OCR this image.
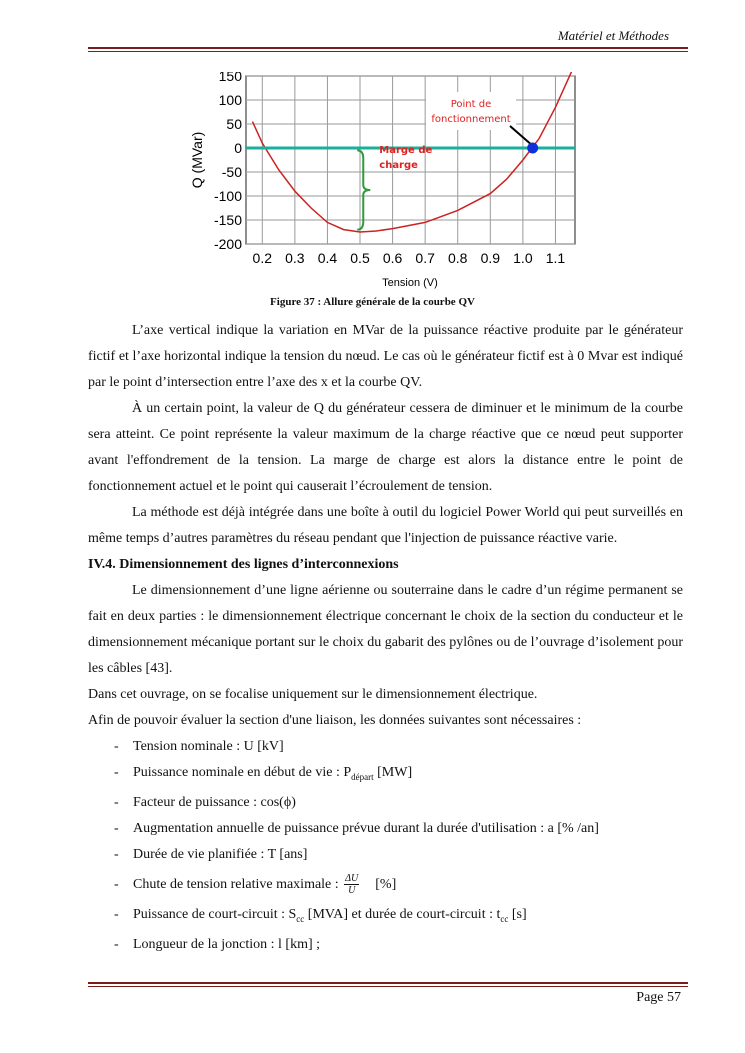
Matériel et Méthodes
150
100
50
0
-50
-100
-150
-200
0.2 0.3 0.4 0.5 0.6 0.7 0.8 0.9 1.0 1.1
Q (MVar)
Tension (V)
Marge de
charge
Point de
fonctionnement
Figure 37 : Allure générale de la courbe QV

L’axe vertical indique la variation en MVar de la puissance réactive produite par le générateur fictif et l’axe horizontal indique la tension du nœud. Le cas où le générateur fictif est à 0 Mvar est indiqué par le point d’intersection entre l’axe des x et la courbe QV.

À un certain point, la valeur de Q du générateur cessera de diminuer et le minimum de la courbe sera atteint. Ce point représente la valeur maximum de la charge réactive que ce nœud peut supporter avant l'effondrement de la tension. La marge de charge est alors la distance entre le point de fonctionnement actuel et le point qui causerait l’écroulement de tension.

La méthode est déjà intégrée dans une boîte à outil du logiciel Power World qui peut surveillés en même temps d’autres paramètres du réseau pendant que l'injection de puissance réactive varie.

IV.4. Dimensionnement des lignes d’interconnexions

Le dimensionnement d’une ligne aérienne ou souterraine dans le cadre d’un régime permanent se fait en deux parties : le dimensionnement électrique concernant le choix de la section du conducteur et le dimensionnement mécanique portant sur le choix du gabarit des pylônes ou de l’ouvrage d’isolement pour les câbles [43].

Dans cet ouvrage, on se focalise uniquement sur le dimensionnement électrique.

Afin de pouvoir évaluer la section d'une liaison, les données suivantes sont nécessaires :

- Tension nominale : U [kV]
- Puissance nominale en début de vie : $P_{départ}$ [MW]
- Facteur de puissance : cos(ϕ)
- Augmentation annuelle de puissance prévue durant la durée d'utilisation : a [% /an]
- Durée de vie planifiée : T [ans]
- Chute de tension relative maximale : $\frac{\Delta U}{U}$ [%]
- Puissance de court-circuit : $S_{cc}$ [MVA] et durée de court-circuit : $t_{cc}$ [s]
- Longueur de la jonction : l [km] ;
Page 57
